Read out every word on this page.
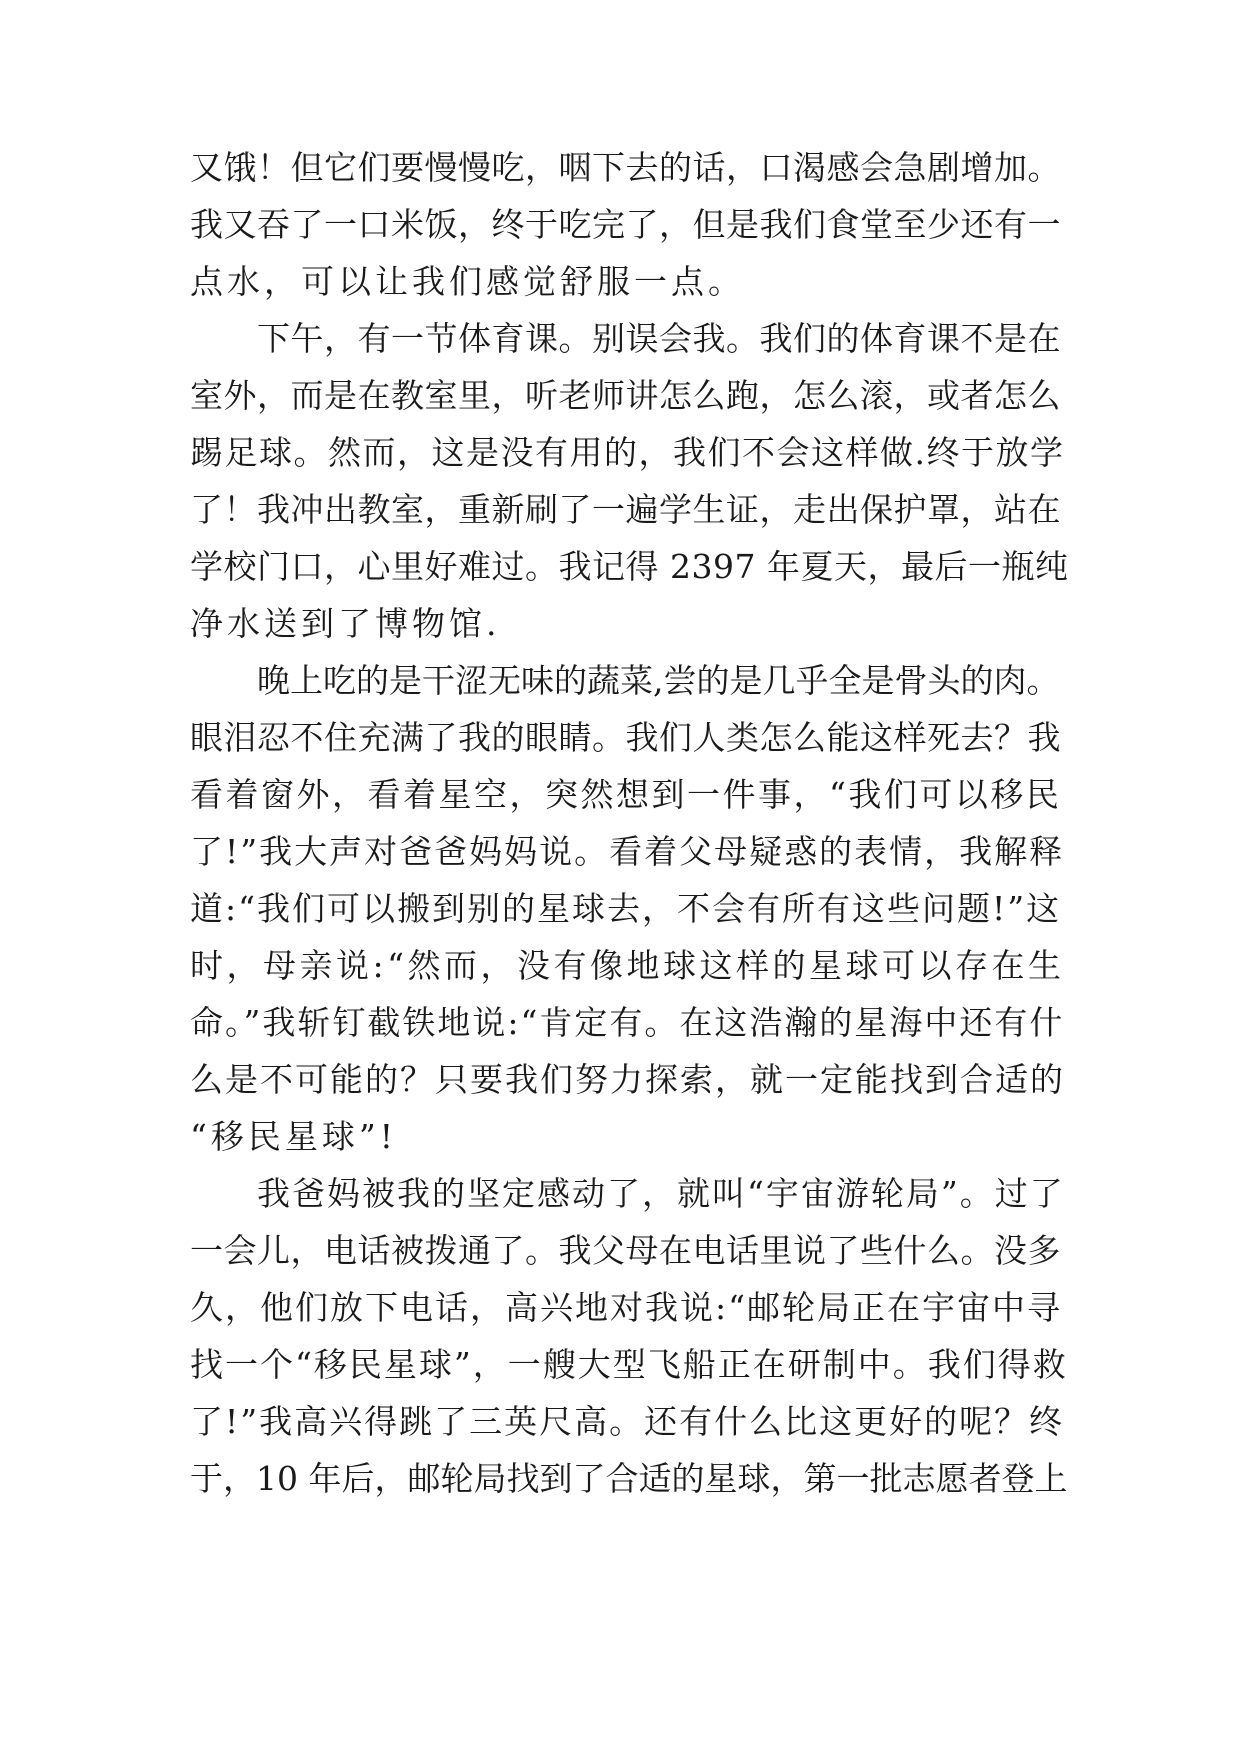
又饿！但它们要慢慢吃，咽下去的话，口渴感会急剧增加。
我又吞了一口米饭，终于吃完了，但是我们食堂至少还有一
点水，可以让我们感觉舒服一点。
下午，有一节体育课。别误会我。我们的体育课不是在
室外，而是在教室里，听老师讲怎么跑，怎么滚，或者怎么
踢足球。然而，这是没有用的，我们不会这样做.终于放学
了！我冲出教室，重新刷了一遍学生证，走出保护罩，站在
学校门口，心里好难过。我记得 2397 年夏天，最后一瓶纯
净水送到了博物馆.
晚上吃的是干涩无味的蔬菜,尝的是几乎全是骨头的肉。
眼泪忍不住充满了我的眼睛。我们人类怎么能这样死去？我
看着窗外，看着星空，突然想到一件事，“我们可以移民
了!”我大声对爸爸妈妈说。看着父母疑惑的表情，我解释
道:“我们可以搬到别的星球去，不会有所有这些问题!”这
时，母亲说:“然而，没有像地球这样的星球可以存在生
命。”我斩钉截铁地说:“肯定有。在这浩瀚的星海中还有什
么是不可能的？只要我们努力探索，就一定能找到合适的
“移民星球”!
我爸妈被我的坚定感动了，就叫“宇宙游轮局”。过了
一会儿，电话被拨通了。我父母在电话里说了些什么。没多
久，他们放下电话，高兴地对我说:“邮轮局正在宇宙中寻
找一个“移民星球”，一艘大型飞船正在研制中。我们得救
了!”我高兴得跳了三英尺高。还有什么比这更好的呢？终
于，10 年后，邮轮局找到了合适的星球，第一批志愿者登上
